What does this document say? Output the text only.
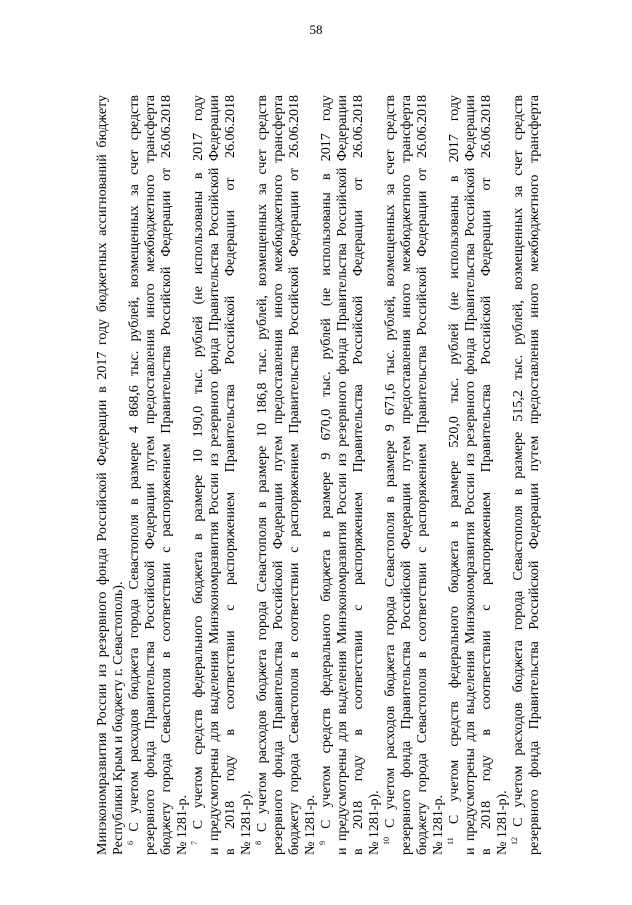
58
Минэкономразвития России из резервного фонда Российской Федерации в 2017 году бюджетных ассигнований бюджету Республики Крым и бюджету г. Севастополь). $^6$ С учетом расходов бюджета города Севастополя в размере 4 868,6 тыс. рублей, возмещенных за счет средств резервного фонда Правительства Российской Федерации путем предоставления иного межбюджетного трансферта бюджету города Севастополя в соответствии с распоряжением Правительства Российской Федерации от 26.06.2018 № 1281-р. $^7$ С учетом средств федерального бюджета в размере 10 190,0 тыс. рублей (не использованы в 2017 году и предусмотрены для выделения Минэкономразвития России из резервного фонда Правительства Российской Федерации в 2018 году в соответствии с распоряжением Правительства Российской Федерации от 26.06.2018 № 1281-р). $^8$ С учетом расходов бюджета города Севастополя в размере 10 186,8 тыс. рублей, возмещенных за счет средств резервного фонда Правительства Российской Федерации путем предоставления иного межбюджетного трансферта бюджету города Севастополя в соответствии с распоряжением Правительства Российской Федерации от 26.06.2018 № 1281-р. $^9$ С учетом средств федерального бюджета в размере 9 670,0 тыс. рублей (не использованы в 2017 году и предусмотрены для выделения Минэкономразвития России из резервного фонда Правительства Российской Федерации в 2018 году в соответствии с распоряжением Правительства Российской Федерации от 26.06.2018 № 1281-р). $^{10}$ С учетом расходов бюджета города Севастополя в размере 9 671,6 тыс. рублей, возмещенных за счет средств резервного фонда Правительства Российской Федерации путем предоставления иного межбюджетного трансферта бюджету города Севастополя в соответствии с распоряжением Правительства Российской Федерации от 26.06.2018 № 1281-р. $^{11}$ С учетом средств федерального бюджета в размере 520,0 тыс. рублей (не использованы в 2017 году и предусмотрены для выделения Минэкономразвития России из резервного фонда Правительства Российской Федерации в 2018 году в соответствии с распоряжением Правительства Российской Федерации от 26.06.2018 № 1281-р). $^{12}$ С учетом расходов бюджета города Севастополя в размере 515,2 тыс. рублей, возмещенных за счет средств резервного фонда Правительства Российской Федерации путем предоставления иного межбюджетного трансферта
